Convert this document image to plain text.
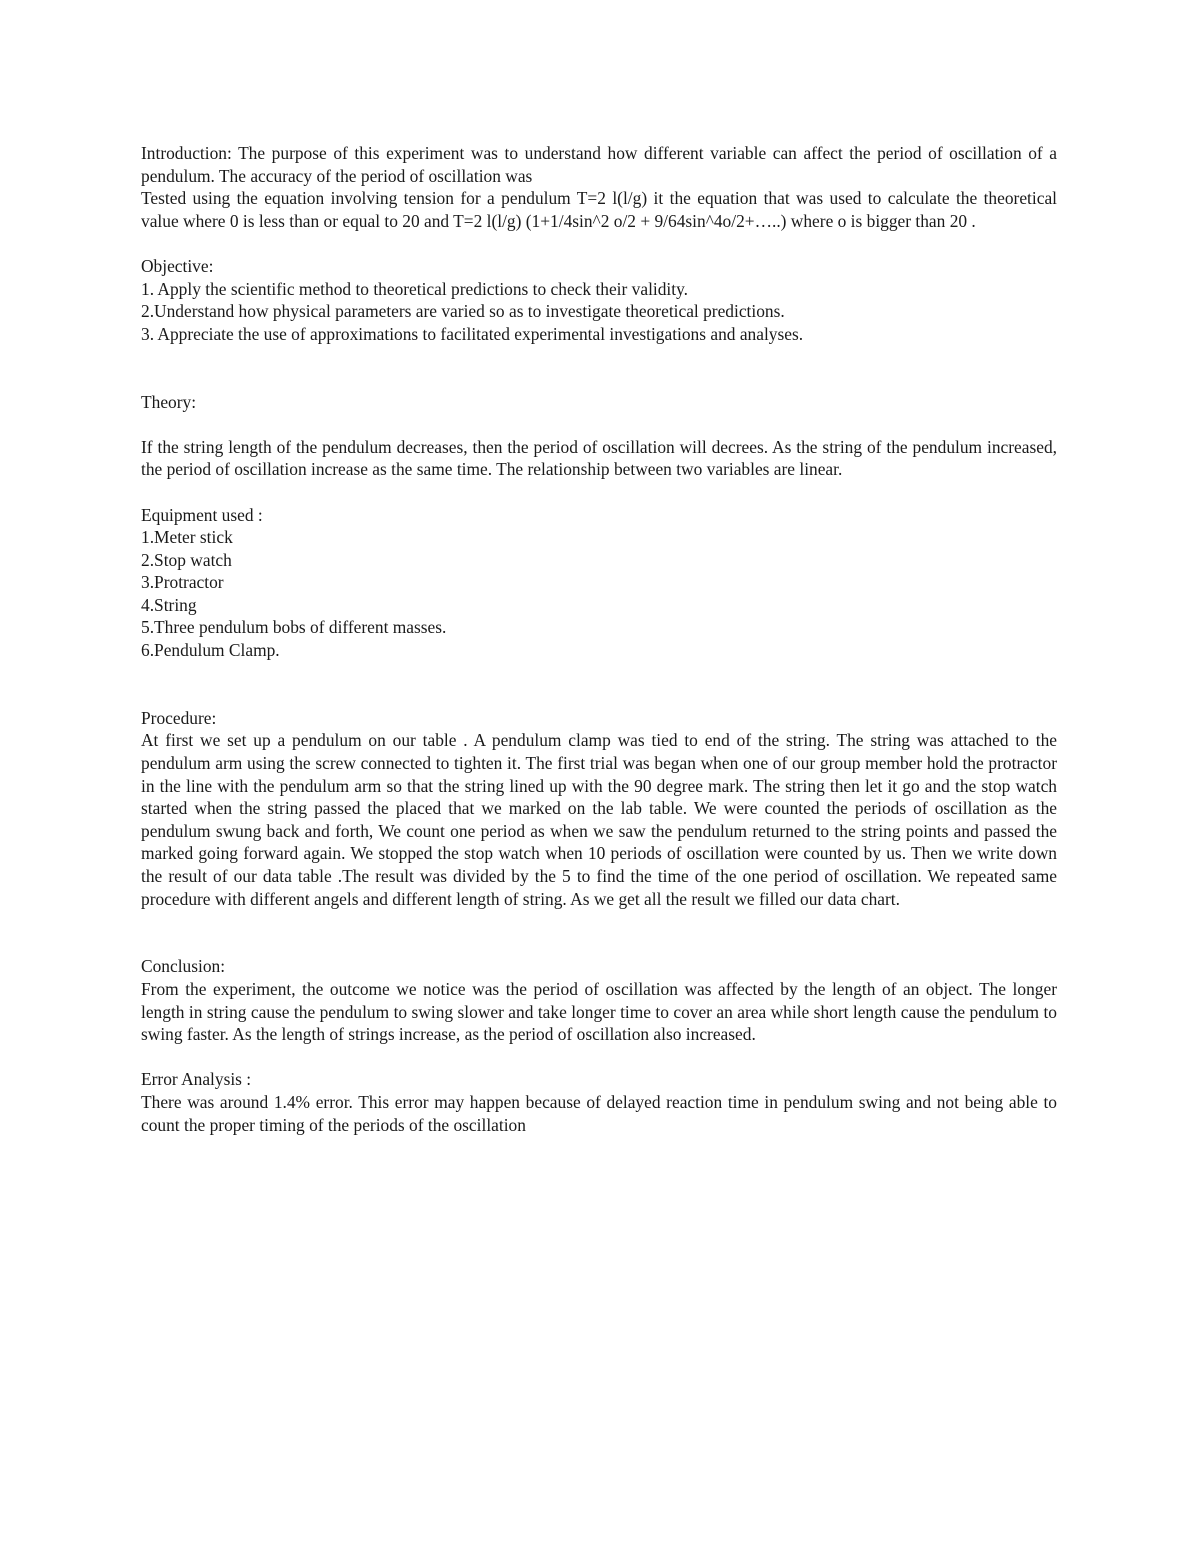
Introduction: The purpose of this experiment was to understand how different variable can affect the period of oscillation of a pendulum. The accuracy of the period of oscillation was

Tested using the equation involving tension for a pendulum T=2 l(l/g) it the equation that was used to calculate the theoretical value where 0 is less than or equal to 20 and T=2 l(l/g) (1+1/4sin^2 o/2 + 9/64sin^4o/2+…..) where o is bigger than 20 .

Objective:
1. Apply the scientific method to theoretical predictions to check their validity.
2.Understand how physical parameters are varied so as to investigate theoretical predictions.
3. Appreciate the use of approximations to facilitated experimental investigations and analyses.
Theory:

If the string length of the pendulum decreases, then the period of oscillation will decrees. As the string of the pendulum increased, the period of oscillation increase as the same time. The relationship between two variables are linear.

Equipment used :
1.Meter stick
2.Stop watch
3.Protractor
4.String
5.Three pendulum bobs of different masses.
6.Pendulum Clamp.
Procedure:

At first we set up a pendulum on our table . A pendulum clamp was tied to end of the string. The string was attached to the pendulum arm using the screw connected to tighten it. The first trial was began when one of our group member hold the protractor in the line with the pendulum arm so that the string lined up with the 90 degree mark. The string then let it go and the stop watch started when the string passed the placed that we marked on the lab table. We were counted the periods of oscillation as the pendulum swung back and forth, We count one period as when we saw the pendulum returned to the string points and passed the marked going forward again. We stopped the stop watch when 10 periods of oscillation were counted by us. Then we write down the result of our data table .The result was divided by the 5 to find the time of the one period of oscillation. We repeated same procedure with different angels and different length of string. As we get all the result we filled our data chart.

Conclusion:

From the experiment, the outcome we notice was the period of oscillation was affected by the length of an object. The longer length in string cause the pendulum to swing slower and take longer time to cover an area while short length cause the pendulum to swing faster. As the length of strings increase, as the period of oscillation also increased.

Error Analysis :

There was around 1.4% error. This error may happen because of delayed reaction time in pendulum swing and not being able to count the proper timing of the periods of the oscillation
